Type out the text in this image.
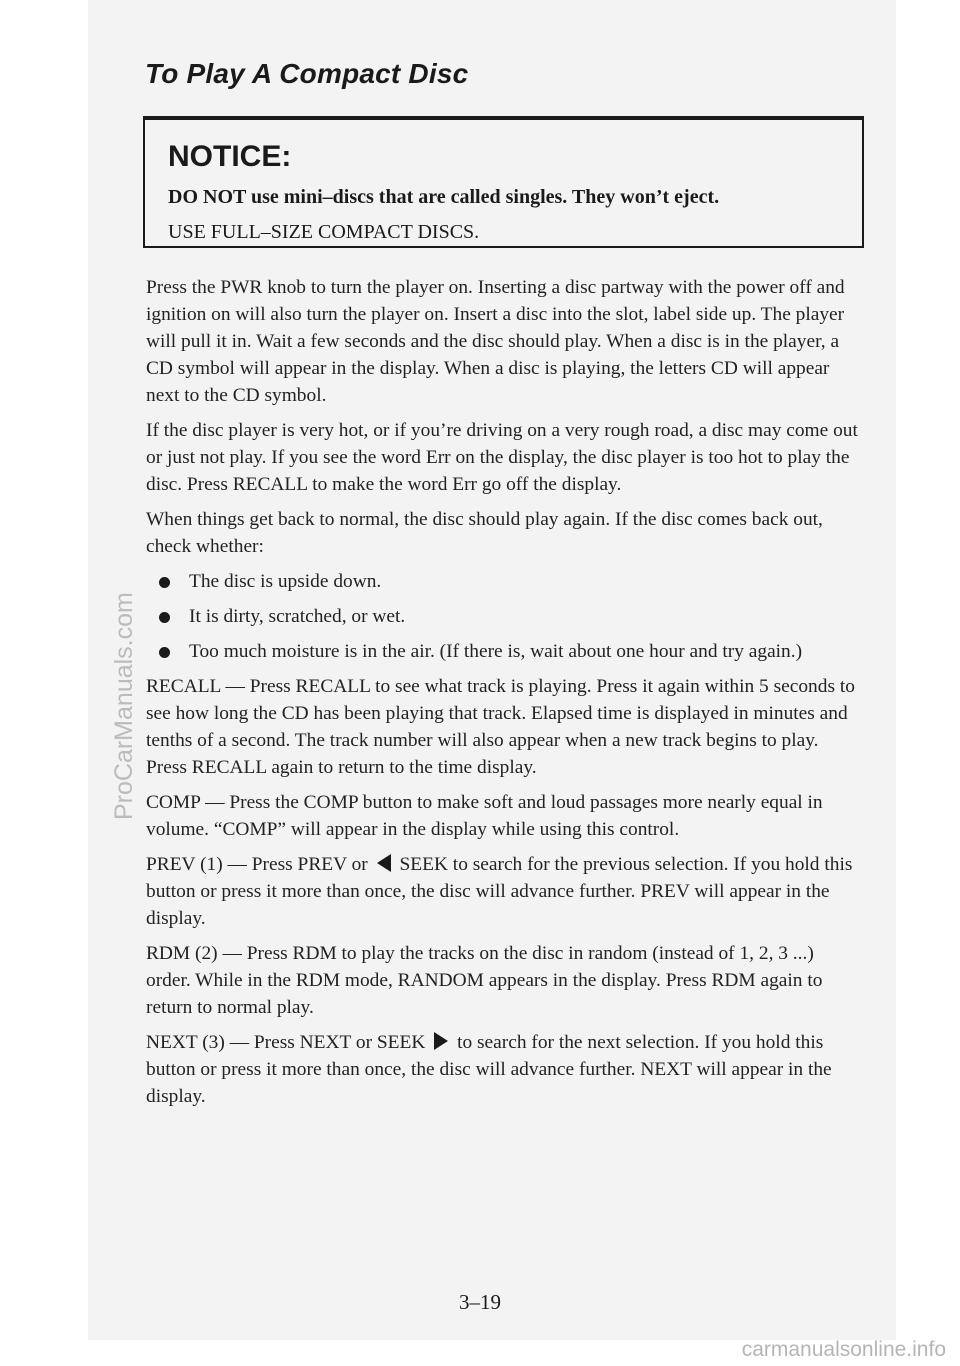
To Play A Compact Disc

NOTICE:

DO NOT use mini–discs that are called singles. They won’t eject.

USE FULL–SIZE COMPACT DISCS.

Press the PWR knob to turn the player on. Inserting a disc partway with the power off and ignition on will also turn the player on. Insert a disc into the slot, label side up. The player will pull it in. Wait a few seconds and the disc should play. When a disc is in the player, a CD symbol will appear in the display. When a disc is playing, the letters CD will appear next to the CD symbol.

If the disc player is very hot, or if you’re driving on a very rough road, a disc may come out or just not play. If you see the word Err on the display, the disc player is too hot to play the disc. Press RECALL to make the word Err go off the display.

When things get back to normal, the disc should play again. If the disc comes back out, check whether:

The disc is upside down.
It is dirty, scratched, or wet.
Too much moisture is in the air. (If there is, wait about one hour and try again.)

RECALL — Press RECALL to see what track is playing. Press it again within 5 seconds to see how long the CD has been playing that track. Elapsed time is displayed in minutes and tenths of a second. The track number will also appear when a new track begins to play. Press RECALL again to return to the time display.

COMP — Press the COMP button to make soft and loud passages more nearly equal in volume. “COMP” will appear in the display while using this control.

PREV (1) — Press PREV or SEEK to search for the previous selection. If you hold this button or press it more than once, the disc will advance further. PREV will appear in the display.

RDM (2) — Press RDM to play the tracks on the disc in random (instead of 1, 2, 3 ...) order. While in the RDM mode, RANDOM appears in the display. Press RDM again to return to normal play.

NEXT (3) — Press NEXT or SEEK to search for the next selection. If you hold this button or press it more than once, the disc will advance further. NEXT will appear in the display.

3–19

ProCarManuals.com
carmanualsonline.info
